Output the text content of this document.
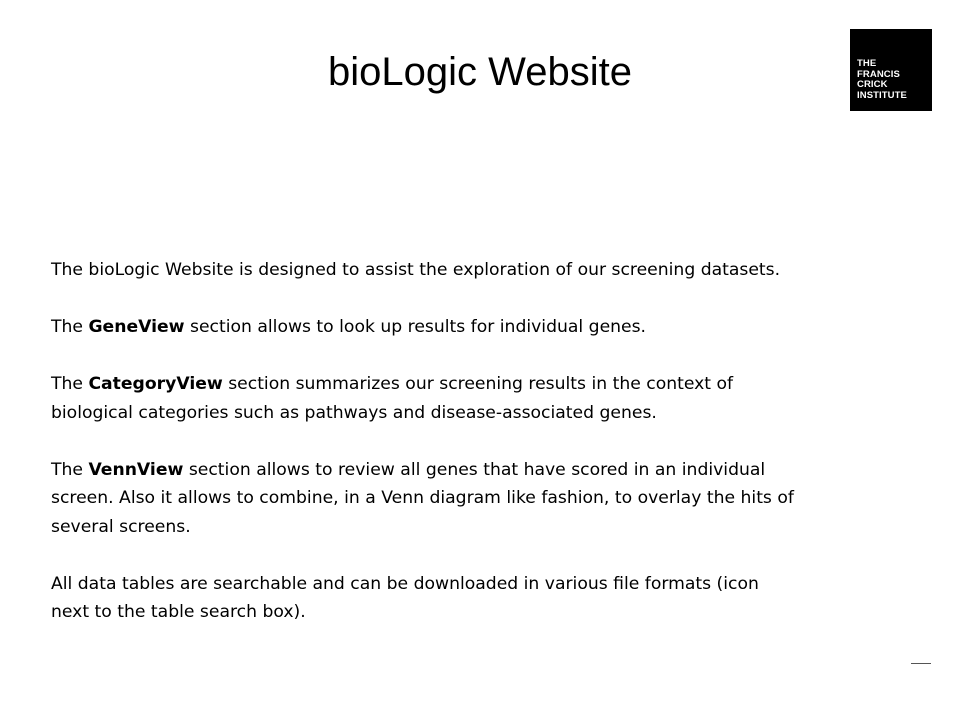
bioLogic Website	THE
FRANCIS
CRICK
INSTITUTE
The bioLogic Website is designed to assist the exploration of our screening datasets.
The GeneView section allows to look up results for individual genes.
The CategoryView section summarizes our screening results in the context of
biological categories such as pathways and disease-associated genes.
The VennView section allows to review all genes that have scored in an individual
screen. Also it allows to combine, in a Venn diagram like fashion, to overlay the hits of
several screens.
All data tables are searchable and can be downloaded in various file formats (icon
next to the table search box).
